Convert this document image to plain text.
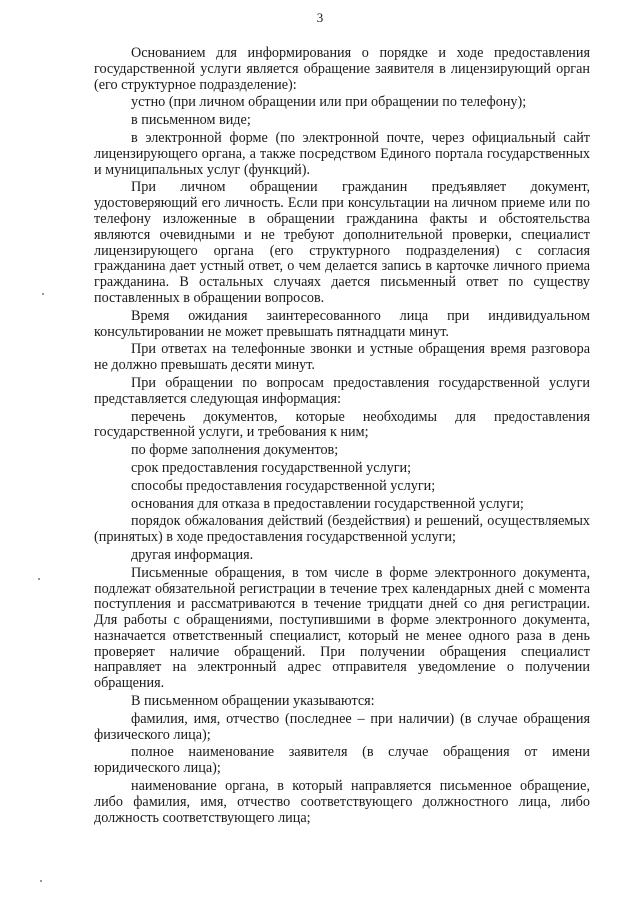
3

Основанием для информирования о порядке и ходе предоставления государственной услуги является обращение заявителя в лицензирующий орган (его структурное подразделение):

устно (при личном обращении или при обращении по телефону);

в письменном виде;

в электронной форме (по электронной почте, через официальный сайт лицензирующего органа, а также посредством Единого портала государственных и муниципальных услуг (функций).

При личном обращении гражданин предъявляет документ, удостоверяющий его личность. Если при консультации на личном приеме или по телефону изложенные в обращении гражданина факты и обстоятельства являются очевидными и не требуют дополнительной проверки, специалист лицензирующего органа (его структурного подразделения) с согласия гражданина дает устный ответ, о чем делается запись в карточке личного приема гражданина. В остальных случаях дается письменный ответ по существу поставленных в обращении вопросов.

Время ожидания заинтересованного лица при индивидуальном консультировании не может превышать пятнадцати минут.

При ответах на телефонные звонки и устные обращения время разговора не должно превышать десяти минут.

При обращении по вопросам предоставления государственной услуги представляется следующая информация:

перечень документов, которые необходимы для предоставления государственной услуги, и требования к ним;

по форме заполнения документов;

срок предоставления государственной услуги;

способы предоставления государственной услуги;

основания для отказа в предоставлении государственной услуги;

порядок обжалования действий (бездействия) и решений, осуществляемых (принятых) в ходе предоставления государственной услуги;

другая информация.

Письменные обращения, в том числе в форме электронного документа, подлежат обязательной регистрации в течение трех календарных дней с момента поступления и рассматриваются в течение тридцати дней со дня регистрации. Для работы с обращениями, поступившими в форме электронного документа, назначается ответственный специалист, который не менее одного раза в день проверяет наличие обращений. При получении обращения специалист направляет на электронный адрес отправителя уведомление о получении обращения.

В письменном обращении указываются:

фамилия, имя, отчество (последнее – при наличии) (в случае обращения физического лица);

полное наименование заявителя (в случае обращения от имени юридического лица);

наименование органа, в который направляется письменное обращение, либо фамилия, имя, отчество соответствующего должностного лица, либо должность соответствующего лица;
